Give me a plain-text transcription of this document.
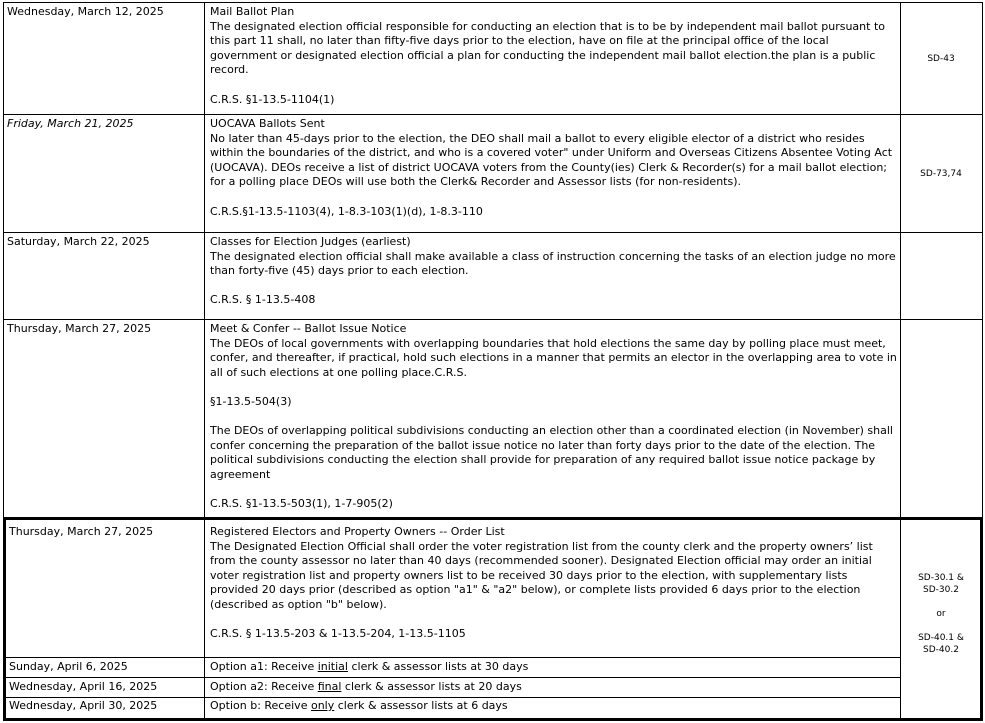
Wednesday, March 12, 2025	Mail Ballot Plan

The designated election official responsible for conducting an election that is to be by independent mail ballot pursuant to this part 11 shall, no later than fifty-five days prior to the election, have on file at the principal office of the local government or designated election official a plan for conducting the independent mail ballot election.the plan is a public record.

C.R.S. §1-13.5-1104(1)

SD-43
Friday, March 21, 2025	UOCAVA Ballots Sent

No later than 45-days prior to the election, the DEO shall mail a ballot to every eligible elector of a district who resides within the boundaries of the district, and who is a covered voter" under Uniform and Overseas Citizens Absentee Voting Act (UOCAVA). DEOs receive a list of district UOCAVA voters from the County(ies) Clerk & Recorder(s) for a mail ballot election; for a polling place DEOs will use both the Clerk& Recorder and Assessor lists (for non-residents).

C.R.S.§1-13.5-1103(4), 1-8.3-103(1)(d), 1-8.3-110

SD-73,74
Saturday, March 22, 2025	Classes for Election Judges (earliest)

The designated election official shall make available a class of instruction concerning the tasks of an election judge no more than forty-five (45) days prior to each election.

C.R.S. § 1-13.5-408

Thursday, March 27, 2025	Meet & Confer -- Ballot Issue Notice

The DEOs of local governments with overlapping boundaries that hold elections the same day by polling place must meet, confer, and thereafter, if practical, hold such elections in a manner that permits an elector in the overlapping area to vote in all of such elections at one polling place.C.R.S.

§1-13.5-504(3)

The DEOs of overlapping political subdivisions conducting an election other than a coordinated election (in November) shall confer concerning the preparation of the ballot issue notice no later than forty days prior to the date of the election. The political subdivisions conducting the election shall provide for preparation of any required ballot issue notice package by agreement

C.R.S. §1-13.5-503(1), 1-7-905(2)

Thursday, March 27, 2025	Registered Electors and Property Owners -- Order List

The Designated Election Official shall order the voter registration list from the county clerk and the property owners’ list from the county assessor no later than 40 days (recommended sooner). Designated Election official may order an initial voter registration list and property owners list to be received 30 days prior to the election, with supplementary lists provided 20 days prior (described as option "a1" & "a2" below), or complete lists provided 6 days prior to the election (described as option "b" below).

C.R.S. § 1-13.5-203 & 1-13.5-204, 1-13.5-1105

SD-30.1 &
SD-30.2
or
SD-40.1 &
SD-40.2
Sunday, April 6, 2025	Option a1: Receive initial clerk & assessor lists at 30 days
Wednesday, April 16, 2025	Option a2: Receive final clerk & assessor lists at 20 days
Wednesday, April 30, 2025	Option b: Receive only clerk & assessor lists at 6 days
